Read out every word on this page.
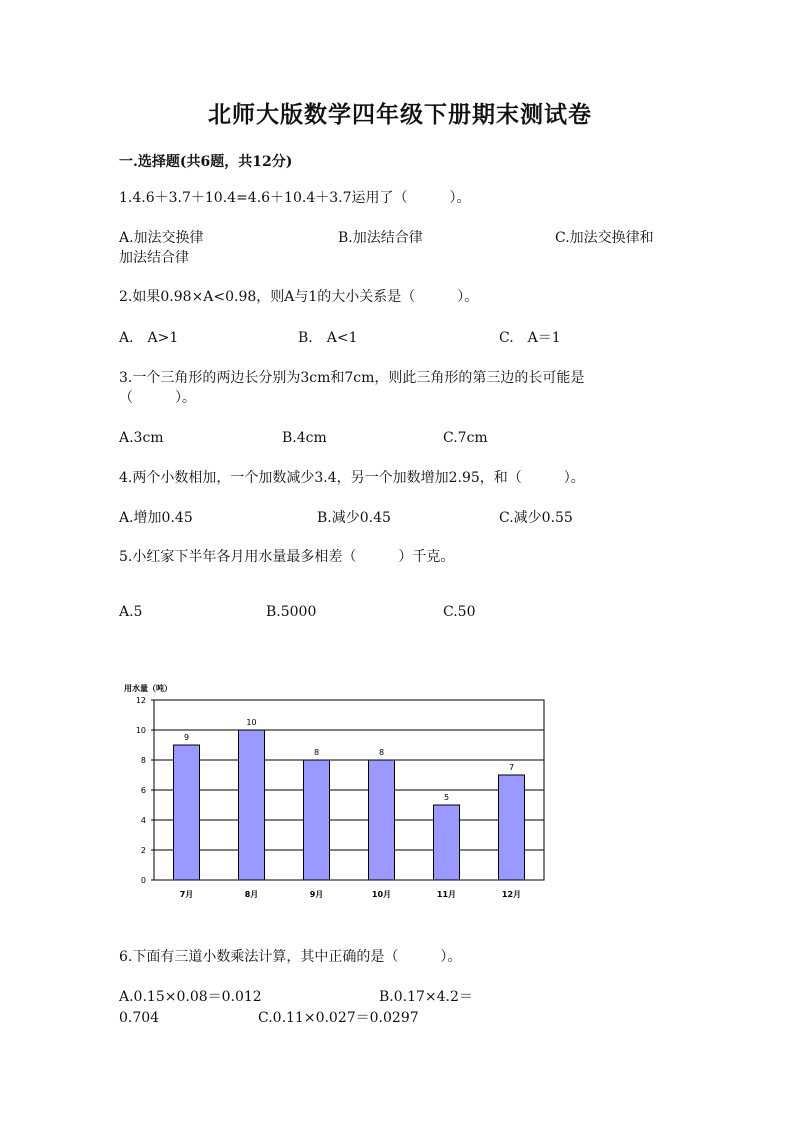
北师大版数学四年级下册期末测试卷
一.选择题(共6题，共12分)
1.4.6＋3.7＋10.4=4.6＋10.4＋3.7运用了（　　　）。
A.加法交换律	B.加法结合律	C.加法交换律和
加法结合律
2.如果0.98×A<0.98，则A与1的大小关系是（　　　）。
A.　A>1	B.　A<1	C.　A＝1
3.一个三角形的两边长分别为3cm和7cm，则此三角形的第三边的长可能是
（　　　）。
A.3cm	B.4cm	C.7cm
4.两个小数相加，一个加数减少3.4，另一个加数增加2.95，和（　　　）。
A.增加0.45	B.减少0.45	C.减少0.55
5.小红家下半年各月用水量最多相差（　　　）千克。
A.5	B.5000	C.50
用水量（吨）
0
2
4
6
8
10
12
9
10
8	8
5
7
7月	8月	9月	10月	11月	12月
6.下面有三道小数乘法计算，其中正确的是（　　　）。
A.0.15×0.08＝0.012	B.0.17×4.2＝
0.704	C.0.11×0.027＝0.0297
